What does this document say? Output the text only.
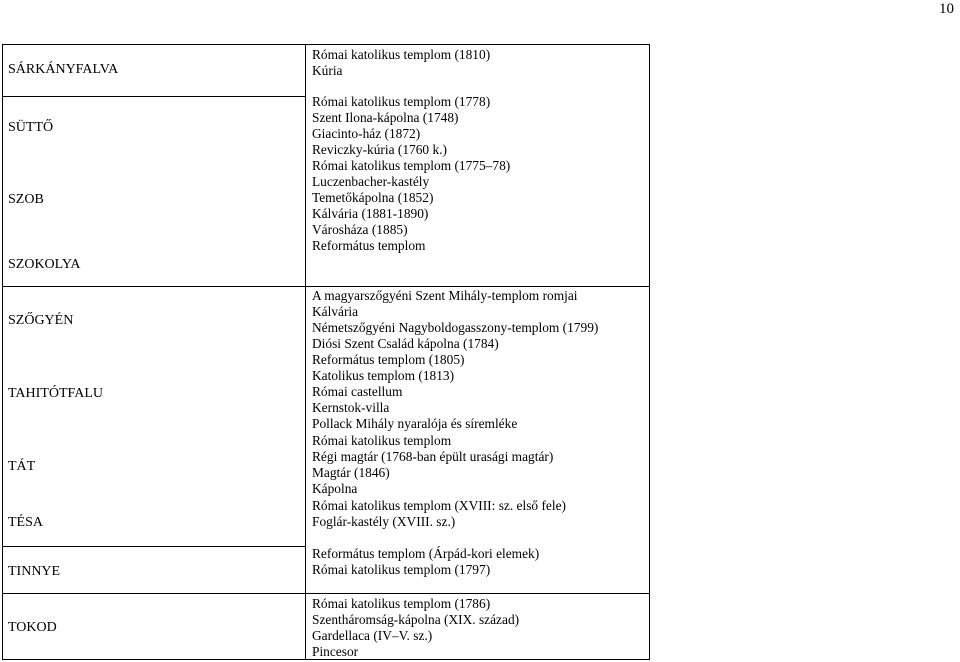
10
SÁRKÁNYFALVA
SÜTTŐ
SZOB
SZOKOLYA
SZŐGYÉN
TAHITÓTFALU
TÁT
TÉSA
TINNYE
TOKOD
Római katolikus templom (1810)
Kúria
Római katolikus templom (1778)
Szent Ilona-kápolna (1748)
Giacinto-ház (1872)
Reviczky-kúria (1760 k.)
Római katolikus templom (1775–78)
Luczenbacher-kastély
Temetőkápolna (1852)
Kálvária (1881-1890)
Városháza (1885)
Református templom
A magyarszőgyéni Szent Mihály-templom romjai
Kálvária
Németszőgyéni Nagyboldogasszony-templom (1799)
Diósi Szent Család kápolna (1784)
Református templom (1805)
Katolikus templom (1813)
Római castellum
Kernstok-villa
Pollack Mihály nyaralója és síremléke
Római katolikus templom
Régi magtár (1768-ban épült urasági magtár)
Magtár (1846)
Kápolna
Római katolikus templom (XVIII: sz. első fele)
Foglár-kastély (XVIII. sz.)
Református templom (Árpád-kori elemek)
Római katolikus templom (1797)
Római katolikus templom (1786)
Szentháromság-kápolna (XIX. század)
Gardellaca (IV–V. sz.)
Pincesor
